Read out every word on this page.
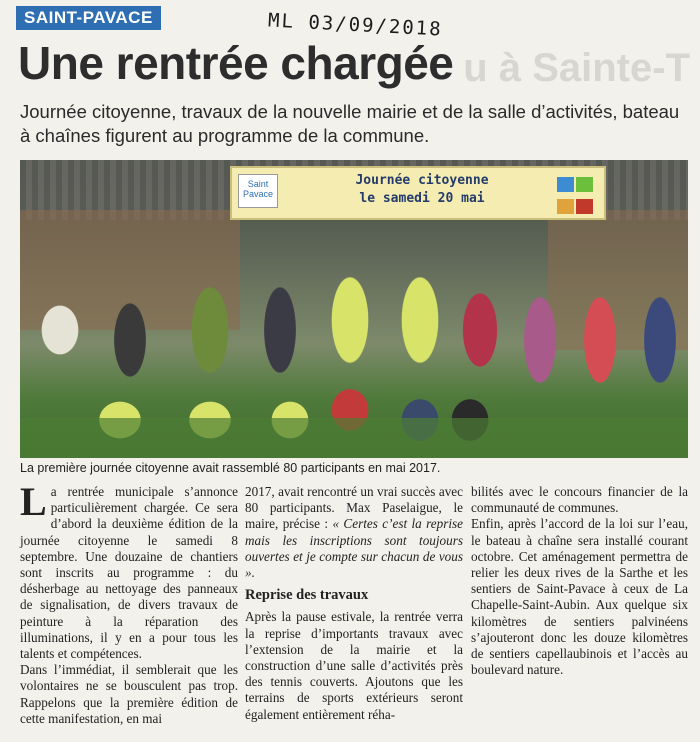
SAINT-PAVACE	ML 03/09/2018
u à Sainte-T
Une rentrée chargée

Journée citoyenne, travaux de la nouvelle mairie et de la salle d’activités, bateau à chaînes figurent au programme de la commune.

Saint Pavace
Journée citoyenne
le samedi 20 mai
La première journée citoyenne avait rassemblé 80 participants en mai 2017.

La rentrée municipale s’annonce particulièrement chargée. Ce sera d’abord la deuxième édition de la journée citoyenne le samedi 8 septembre. Une douzaine de chantiers sont inscrits au programme : du désherbage au nettoyage des panneaux de signalisation, de divers travaux de peinture à la réparation des illuminations, il y en a pour tous les talents et compétences.

Dans l’immédiat, il semblerait que les volontaires ne se bousculent pas trop. Rappelons que la première édition de cette manifestation, en mai

2017, avait rencontré un vrai succès avec 80 participants. Max Paselaigue, le maire, précise : « Certes c’est la reprise mais les inscriptions sont toujours ouvertes et je compte sur chacun de vous ».

Reprise des travaux

Après la pause estivale, la rentrée verra la reprise d’importants travaux avec l’extension de la mairie et la construction d’une salle d’activités près des tennis couverts. Ajoutons que les terrains de sports extérieurs seront également entièrement réha-

bilités avec le concours financier de la communauté de communes.

Enfin, après l’accord de la loi sur l’eau, le bateau à chaîne sera installé courant octobre. Cet aménagement permettra de relier les deux rives de la Sarthe et les sentiers de Saint-Pavace à ceux de La Chapelle-Saint-Aubin. Aux quelque six kilomètres de sentiers palvinéens s’ajouteront donc les douze kilomètres de sentiers capellaubinois et l’accès au boulevard nature.
